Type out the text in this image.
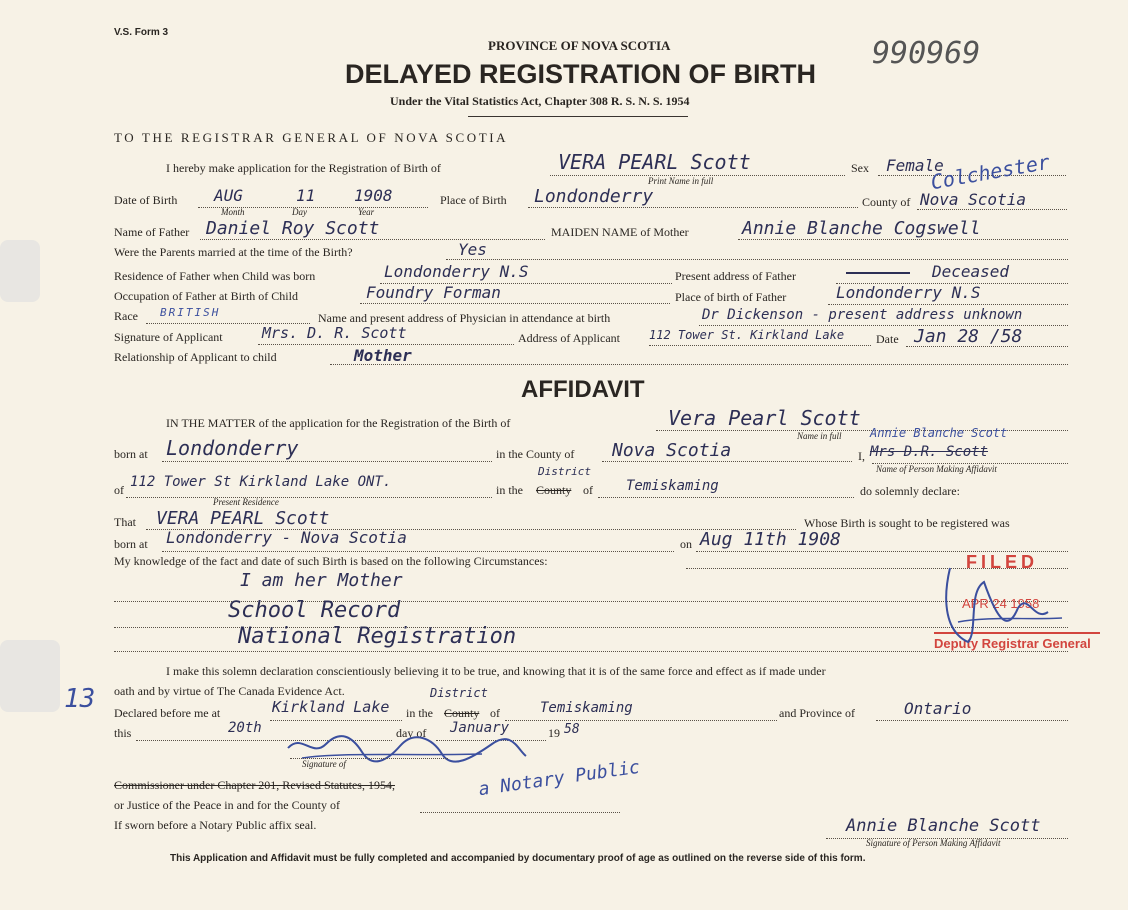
V.S. Form 3
990969
PROVINCE OF NOVA SCOTIA
DELAYED REGISTRATION OF BIRTH
Under the Vital Statistics Act, Chapter 308 R. S. N. S. 1954
TO THE REGISTRAR GENERAL OF NOVA SCOTIA
I hereby make application for the Registration of Birth of	VERA PEARL Scott
Print Name in full
Sex Female
Colchester
Date of Birth AUG	11 1908
Month	Day	Year
Place of Birth Londonderry	County of Nova Scotia
Name of Father Daniel Roy Scott	MAIDEN NAME of Mother	Annie Blanche Cogswell
Were the Parents married at the time of the Birth?	Yes
Residence of Father when Child was born	Londonderry N.S	Present address of Father	Deceased
Occupation of Father at Birth of Child	Foundry Forman	Place of birth of Father	Londonderry N.S
Race BRITISH	Name and present address of Physician in attendance at birth	Dr Dickenson - present address unknown
Signature of Applicant	Mrs. D. R. Scott	Address of Applicant 112 Tower St. Kirkland Lake	Date Jan 28 /58
Relationship of Applicant to child	Mother
AFFIDAVIT
IN THE MATTER of the application for the Registration of the Birth of	Vera Pearl Scott
Name in full
born at Londonderry	in the County of Nova Scotia	I, Mrs D.R. Scott
Annie Blanche Scott
Name of Person Making Affidavit
of 112 Tower St Kirkland Lake ONT.
Present Residence
in the
District
County of Temiskaming	do solemnly declare:
That VERA PEARL Scott	Whose Birth is sought to be registered was
born at Londonderry - Nova Scotia	on Aug 11th 1908
My knowledge of the fact and date of such Birth is based on the following Circumstances:
I am her Mother
School Record
National Registration
I make this solemn declaration conscientiously believing it to be true, and knowing that it is of the same force and effect as if made under
oath and by virtue of The Canada Evidence Act.
13 Declared before me at	Kirkland Lake in the
District
County of	Temiskaming	and Province of	Ontario
this	20th	day of January	19 58
Signature of
Commissioner under Chapter 201, Revised Statutes, 1954,	a Notary Public
or Justice of the Peace in and for the County of
If sworn before a Notary Public affix seal.	Annie Blanche Scott
Signature of Person Making Affidavit
This Application and Affidavit must be fully completed and accompanied by documentary proof of age as outlined on the reverse side of this form.
FILED
APR 24 1958
Deputy Registrar General
